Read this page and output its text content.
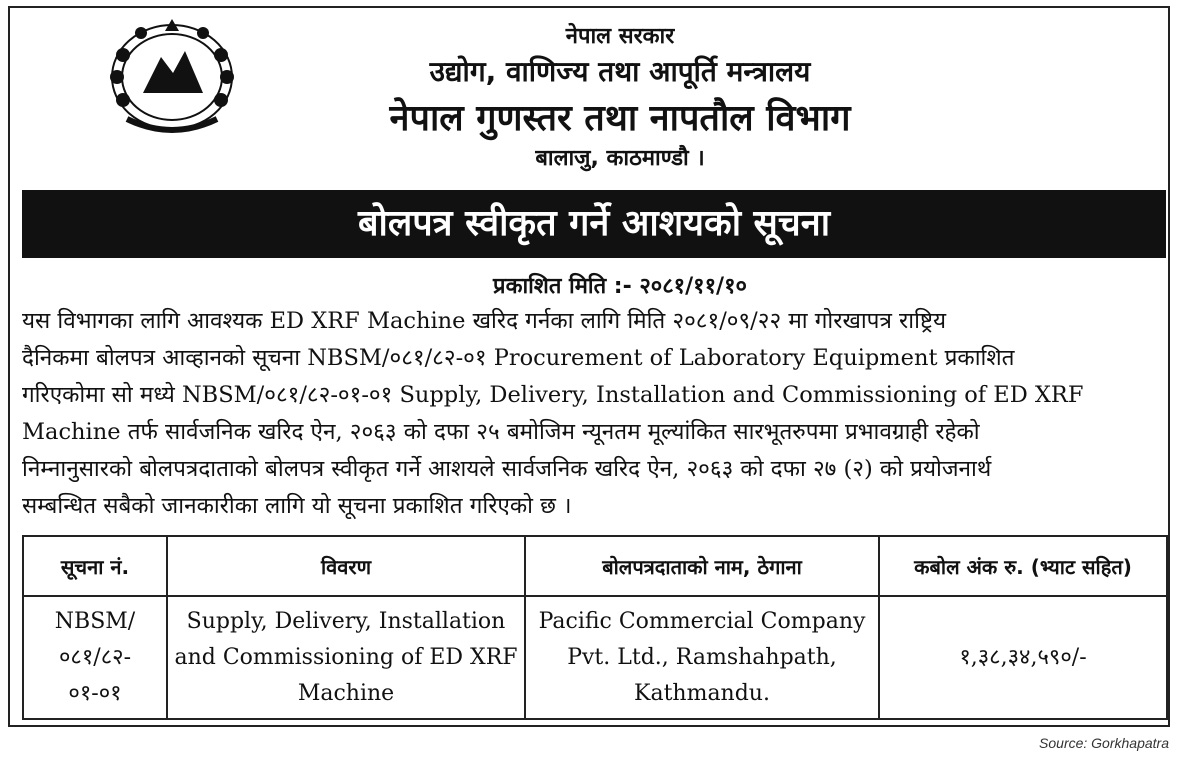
नेपाल सरकार
उद्योग, वाणिज्य तथा आपूर्ति मन्त्रालय
नेपाल गुणस्तर तथा नापतौल विभाग
बालाजु, काठमाण्डौ ।
बोलपत्र स्वीकृत गर्ने आशयको सूचना
प्रकाशित मिति :- २०८१/११/१०
यस विभागका लागि आवश्यक ED XRF Machine खरिद गर्नका लागि मिति २०८१/०९/२२ मा गोरखापत्र राष्ट्रिय
दैनिकमा बोलपत्र आव्हानको सूचना NBSM/०८१/८२-०१ Procurement of Laboratory Equipment प्रकाशित
गरिएकोमा सो मध्ये NBSM/०८१/८२-०१-०१ Supply, Delivery, Installation and Commissioning of ED XRF
Machine तर्फ सार्वजनिक खरिद ऐन, २०६३ को दफा २५ बमोजिम न्यूनतम मूल्यांकित सारभूतरुपमा प्रभावग्राही रहेको
निम्नानुसारको बोलपत्रदाताको बोलपत्र स्वीकृत गर्ने आशयले सार्वजनिक खरिद ऐन, २०६३ को दफा २७ (२) को प्रयोजनार्थ
सम्बन्धित सबैको जानकारीका लागि यो सूचना प्रकाशित गरिएको छ ।
सूचना नं.	विवरण	बोलपत्रदाताको नाम, ठेगाना	कबोल अंक रु. (भ्याट सहित)
NBSM/ ०८१/८२- ०१-०१	Supply, Delivery, Installation and Commissioning of ED XRF Machine	Pacific Commercial Company Pvt. Ltd., Ramshahpath, Kathmandu.	१,३८,३४,५९०/-
Source: Gorkhapatra
